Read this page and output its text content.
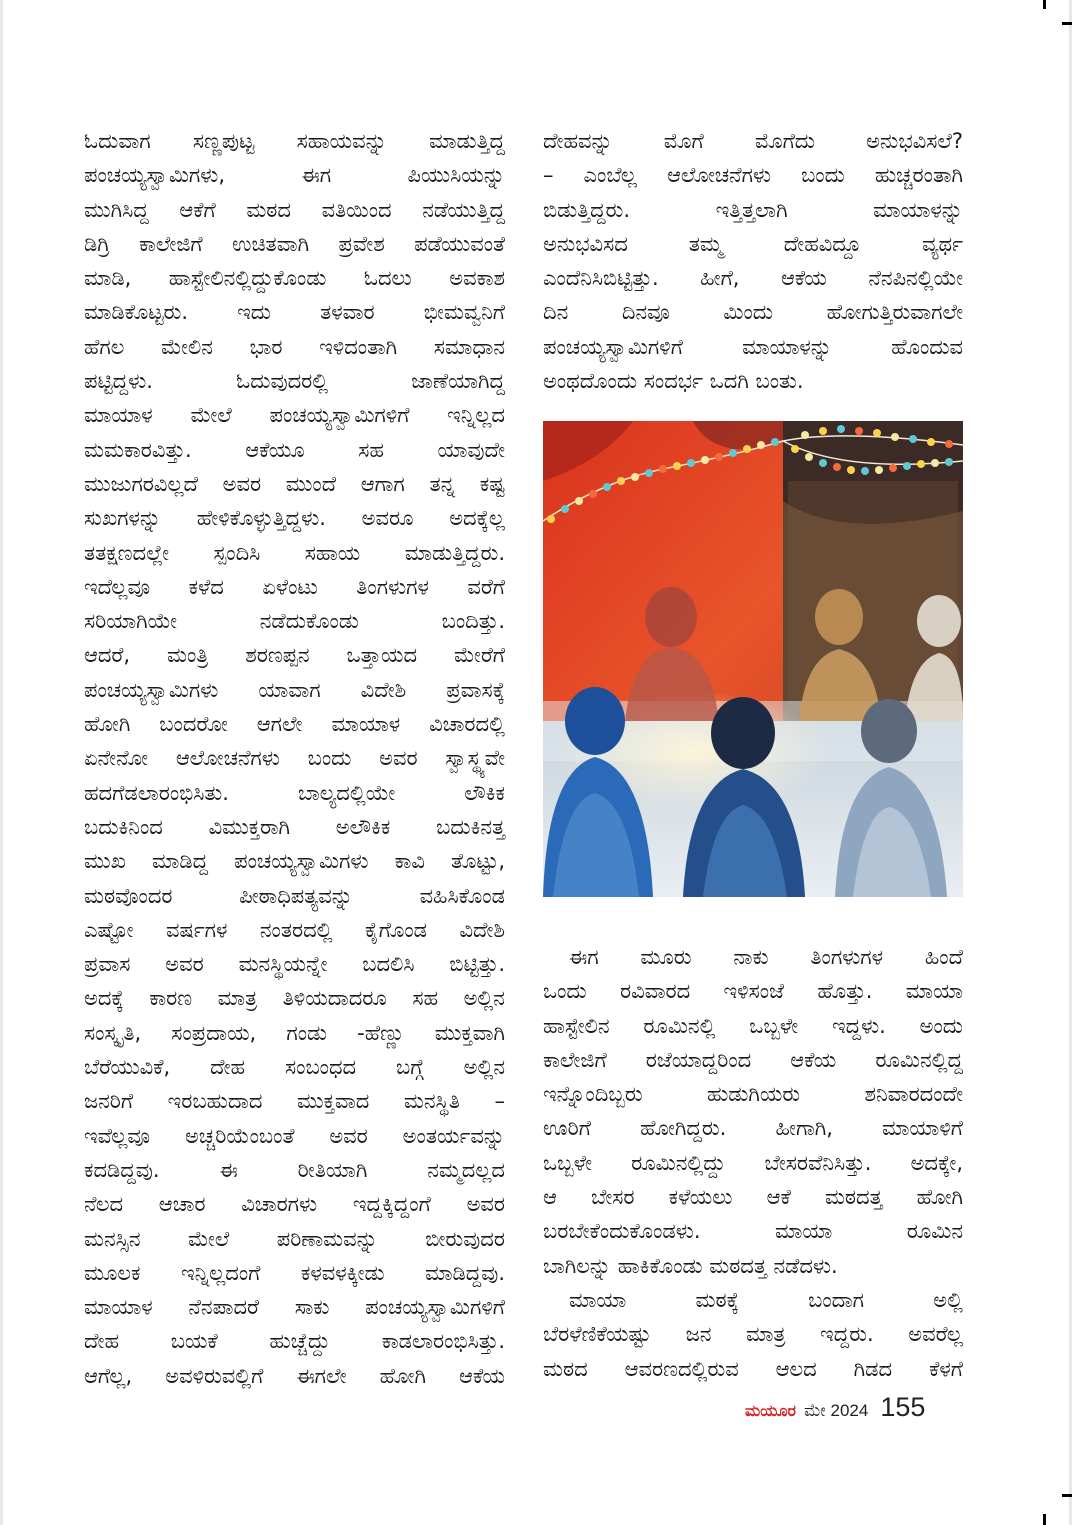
ಓದುವಾಗ ಸಣ್ಣಪುಟ್ಟ ಸಹಾಯವನ್ನು ಮಾಡುತ್ತಿದ್ದ

ಪಂಚಯ್ಯಸ್ವಾಮಿಗಳು, ಈಗ ಪಿಯುಸಿಯನ್ನು

ಮುಗಿಸಿದ್ದ ಆಕೆಗೆ ಮಠದ ವತಿಯಿಂದ ನಡೆಯುತ್ತಿದ್ದ

ಡಿಗ್ರಿ ಕಾಲೇಜಿಗೆ ಉಚಿತವಾಗಿ ಪ್ರವೇಶ ಪಡೆಯುವಂತೆ

ಮಾಡಿ, ಹಾಸ್ಟೇಲಿನಲ್ಲಿದ್ದುಕೊಂಡು ಓದಲು ಅವಕಾಶ

ಮಾಡಿಕೊಟ್ಟರು. ಇದು ತಳವಾರ ಭೀಮವ್ವನಿಗೆ

ಹೆಗಲ ಮೇಲಿನ ಭಾರ ಇಳಿದಂತಾಗಿ ಸಮಾಧಾನ

ಪಟ್ಟಿದ್ದಳು. ಓದುವುದರಲ್ಲಿ ಜಾಣೆಯಾಗಿದ್ದ

ಮಾಯಾಳ ಮೇಲೆ ಪಂಚಯ್ಯಸ್ವಾಮಿಗಳಿಗೆ ಇನ್ನಿಲ್ಲದ

ಮಮಕಾರವಿತ್ತು. ಆಕೆಯೂ ಸಹ ಯಾವುದೇ

ಮುಜುಗರವಿಲ್ಲದೆ ಅವರ ಮುಂದೆ ಆಗಾಗ ತನ್ನ ಕಷ್ಟ

ಸುಖಗಳನ್ನು ಹೇಳಿಕೊಳ್ಳುತ್ತಿದ್ದಳು. ಅವರೂ ಅದಕ್ಕೆಲ್ಲ

ತತಕ್ಷಣದಲ್ಲೇ ಸ್ಪಂದಿಸಿ ಸಹಾಯ ಮಾಡುತ್ತಿದ್ದರು.

ಇದೆಲ್ಲವೂ ಕಳೆದ ಏಳೆಂಟು ತಿಂಗಳುಗಳ ವರೆಗೆ

ಸರಿಯಾಗಿಯೇ ನಡೆದುಕೊಂಡು ಬಂದಿತ್ತು.

ಆದರೆ, ಮಂತ್ರಿ ಶರಣಪ್ಪನ ಒತ್ತಾಯದ ಮೇರೆಗೆ

ಪಂಚಯ್ಯಸ್ವಾಮಿಗಳು ಯಾವಾಗ ವಿದೇಶಿ ಪ್ರವಾಸಕ್ಕೆ

ಹೋಗಿ ಬಂದರೋ ಆಗಲೇ ಮಾಯಾಳ ವಿಚಾರದಲ್ಲಿ

ಏನೇನೋ ಆಲೋಚನೆಗಳು ಬಂದು ಅವರ ಸ್ವಾಸ್ಥ್ಯವೇ

ಹದಗೆಡಲಾರಂಭಿಸಿತು. ಬಾಲ್ಯದಲ್ಲಿಯೇ ಲೌಕಿಕ

ಬದುಕಿನಿಂದ ವಿಮುಕ್ತರಾಗಿ ಅಲೌಕಿಕ ಬದುಕಿನತ್ತ

ಮುಖ ಮಾಡಿದ್ದ ಪಂಚಯ್ಯಸ್ವಾಮಿಗಳು ಕಾವಿ ತೊಟ್ಟು,

ಮಠವೊಂದರ ಪೀಠಾಧಿಪತ್ಯವನ್ನು ವಹಿಸಿಕೊಂಡ

ಎಷ್ಟೋ ವರ್ಷಗಳ ನಂತರದಲ್ಲಿ ಕೈಗೊಂಡ ವಿದೇಶಿ

ಪ್ರವಾಸ ಅವರ ಮನಸ್ಥಿಯನ್ನೇ ಬದಲಿಸಿ ಬಿಟ್ಟಿತ್ತು.

ಅದಕ್ಕೆ ಕಾರಣ ಮಾತ್ರ ತಿಳಿಯದಾದರೂ ಸಹ ಅಲ್ಲಿನ

ಸಂಸ್ಕೃತಿ, ಸಂಪ್ರದಾಯ, ಗಂಡು -ಹೆಣ್ಣು ಮುಕ್ತವಾಗಿ

ಬೆರೆಯುವಿಕೆ, ದೇಹ ಸಂಬಂಧದ ಬಗ್ಗೆ ಅಲ್ಲಿನ

ಜನರಿಗೆ ಇರಬಹುದಾದ ಮುಕ್ತವಾದ ಮನಸ್ಥಿತಿ –

ಇವೆಲ್ಲವೂ ಅಚ್ಚರಿಯೆಂಬಂತೆ ಅವರ ಅಂತರ್ಯವನ್ನು

ಕದಡಿದ್ದವು. ಈ ರೀತಿಯಾಗಿ ನಮ್ಮದಲ್ಲದ

ನೆಲದ ಆಚಾರ ವಿಚಾರಗಳು ಇದ್ದಕ್ಕಿದ್ದಂಗೆ ಅವರ

ಮನಸ್ಸಿನ ಮೇಲೆ ಪರಿಣಾಮವನ್ನು ಬೀರುವುದರ

ಮೂಲಕ ಇನ್ನಿಲ್ಲದಂಗೆ ಕಳವಳಕ್ಕೀಡು ಮಾಡಿದ್ದವು.

ಮಾಯಾಳ ನೆನಪಾದರೆ ಸಾಕು ಪಂಚಯ್ಯಸ್ವಾಮಿಗಳಿಗೆ

ದೇಹ ಬಯಕೆ ಹುಚ್ಚೆದ್ದು ಕಾಡಲಾರಂಭಿಸಿತ್ತು.

ಆಗೆಲ್ಲ, ಅವಳಿರುವಲ್ಲಿಗೆ ಈಗಲೇ ಹೋಗಿ ಆಕೆಯ

ದೇಹವನ್ನು ಮೊಗೆ ಮೊಗೆದು ಅನುಭವಿಸಲೆ?

– ಎಂಬೆಲ್ಲ ಆಲೋಚನೆಗಳು ಬಂದು ಹುಚ್ಚರಂತಾಗಿ

ಬಿಡುತ್ತಿದ್ದರು. ಇತ್ತಿತ್ತಲಾಗಿ ಮಾಯಾಳನ್ನು

ಅನುಭವಿಸದ ತಮ್ಮ ದೇಹವಿದ್ದೂ ವ್ಯರ್ಥ

ಎಂದೆನಿಸಿಬಿಟ್ಟಿತ್ತು. ಹೀಗೆ, ಆಕೆಯ ನೆನಪಿನಲ್ಲಿಯೇ

ದಿನ ದಿನವೂ ಮಿಂದು ಹೋಗುತ್ತಿರುವಾಗಲೇ

ಪಂಚಯ್ಯಸ್ವಾಮಿಗಳಿಗೆ ಮಾಯಾಳನ್ನು ಹೊಂದುವ

ಅಂಥದೊಂದು ಸಂದರ್ಭ ಒದಗಿ ಬಂತು.

ಈಗ ಮೂರು ನಾಕು ತಿಂಗಳುಗಳ ಹಿಂದೆ

ಒಂದು ರವಿವಾರದ ಇಳಿಸಂಜೆ ಹೊತ್ತು. ಮಾಯಾ

ಹಾಸ್ಟೇಲಿನ ರೂಮಿನಲ್ಲಿ ಒಬ್ಬಳೇ ಇದ್ದಳು. ಅಂದು

ಕಾಲೇಜಿಗೆ ರಜೆಯಾದ್ದರಿಂದ ಆಕೆಯ ರೂಮಿನಲ್ಲಿದ್ದ

ಇನ್ನೊಂದಿಬ್ಬರು ಹುಡುಗಿಯರು ಶನಿವಾರದಂದೇ

ಊರಿಗೆ ಹೋಗಿದ್ದರು. ಹೀಗಾಗಿ, ಮಾಯಾಳಿಗೆ

ಒಬ್ಬಳೇ ರೂಮಿನಲ್ಲಿದ್ದು ಬೇಸರವೆನಿಸಿತ್ತು. ಅದಕ್ಕೇ,

ಆ ಬೇಸರ ಕಳೆಯಲು ಆಕೆ ಮಠದತ್ತ ಹೋಗಿ

ಬರಬೇಕೆಂದುಕೊಂಡಳು. ಮಾಯಾ ರೂಮಿನ

ಬಾಗಿಲನ್ನು ಹಾಕಿಕೊಂಡು ಮಠದತ್ತ ನಡೆದಳು.

ಮಾಯಾ ಮಠಕ್ಕೆ ಬಂದಾಗ ಅಲ್ಲಿ

ಬೆರಳೆಣಿಕೆಯಷ್ಟು ಜನ ಮಾತ್ರ ಇದ್ದರು. ಅವರೆಲ್ಲ

ಮಠದ ಆವರಣದಲ್ಲಿರುವ ಆಲದ ಗಿಡದ ಕೆಳಗೆ

ಮಯೂರ ಮೇ 2024 155
